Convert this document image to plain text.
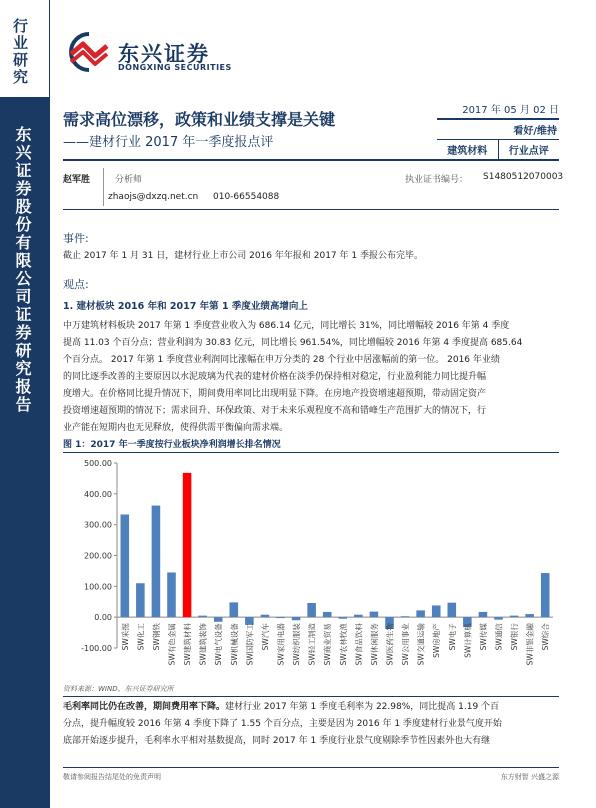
行业研究
东兴证券股份有限公司证券研究报告
东兴证券
DONGXING SECURITIES
需求高位漂移，政策和业绩支撑是关键
——建材行业 2017 年一季度报点评
2017 年 05 月 02 日
看好/维持
建筑材料	行业点评
赵军胜	分析师	执业证书编号： S1480512070003
zhaojs@dxzq.net.cn 010-66554088
事件:
截止 2017 年 1 月 31 日，建材行业上市公司 2016 年年报和 2017 年 1 季报公布完毕。
观点:
1. 建材板块 2016 年和 2017 年第 1 季度业绩高增向上
中万建筑材料板块 2017 年第 1 季度营业收入为 686.14 亿元，同比增长 31%，同比增幅较 2016 年第 4 季度
提高 11.03 个百分点；营业利润为 30.83 亿元，同比增长 961.54%，同比增幅较 2016 年第 4 季度提高 685.64
个百分点。 2017 年第 1 季度营业利润同比涨幅在申万分类的 28 个行业中居涨幅前的第一位。 2016 年业绩
的同比逐季改善的主要原因以水泥玻璃为代表的建材价格在淡季仍保持相对稳定，行业盈利能力同比提升幅
度增大。在价格同比提升情况下，期间费用率同比出现明显下降。在房地产投资增速超预期，带动固定资产
投资增速超预期的情况下；需求回升、环保政策、对于未来乐观程度不高和错峰生产范围扩大的情况下，行
业产能在短期内也无见释放，使得供需平衡偏向需求端。
图 1：2017 年一季度按行业板块净利润增长排名情况
-100.00
0.00
100.00
200.00
300.00
400.00
500.00
SW采掘 SW化工 SW钢铁 SW有色金属 SW建筑材料 SW建筑装饰 SW电气设备 SW机械设备 SW国防军工 SW汽车 SW家用电器 SW纺织服装 SW轻工制造 SW商业贸易 SW农林牧渔 SW食品饮料 SW休闲服务 SW医药生物 SW公用事业 SW交通运输 SW房地产 SW电子 SW计算机 SW传媒 SW通信 SW银行 SW非银金融 SW综合
资料来源：WIND、东兴证券研究所
毛利率同比仍在改善，期间费用率下降。建材行业 2017 年第 1 季度毛利率为 22.98%，同比提高 1.19 个百
分点，提升幅度较 2016 年第 4 季度下降了 1.55 个百分点，主要是因为 2016 年 1 季度建材行业景气度开始
底部开始逐步提升，毛利率水平相对基数提高，同时 2017 年 1 季度行业景气度剔除季节性因素外也大有继
敬请参阅报告结尾处的免责声明	东方财智 兴盛之源
